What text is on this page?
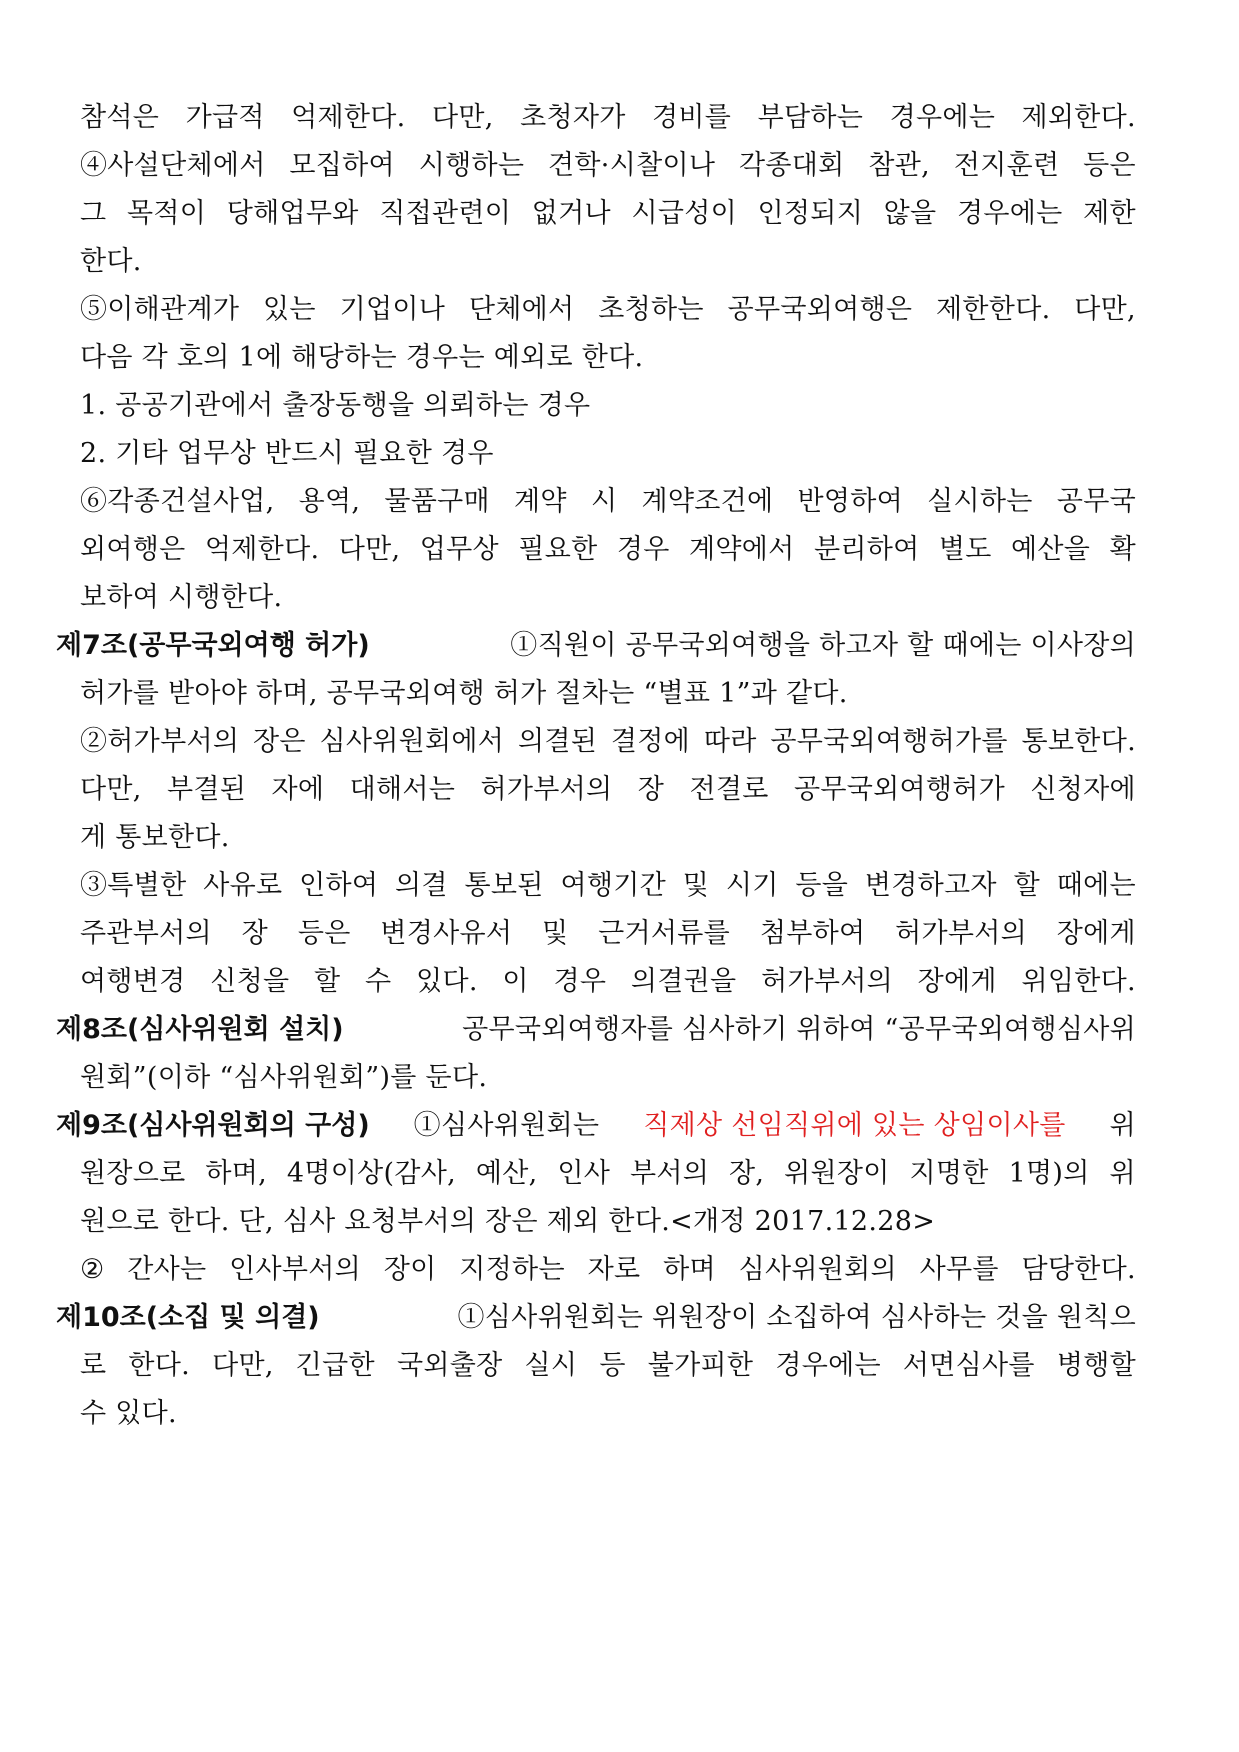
참석은 가급적 억제한다. 다만, 초청자가 경비를 부담하는 경우에는 제외한다.
④사설단체에서 모집하여 시행하는 견학·시찰이나 각종대회 참관, 전지훈련 등은
그 목적이 당해업무와 직접관련이 없거나 시급성이 인정되지 않을 경우에는 제한
한다.
⑤이해관계가 있는 기업이나 단체에서 초청하는 공무국외여행은 제한한다. 다만,
다음 각 호의 1에 해당하는 경우는 예외로 한다.
1. 공공기관에서 출장동행을 의뢰하는 경우
2. 기타 업무상 반드시 필요한 경우
⑥각종건설사업, 용역, 물품구매 계약 시 계약조건에 반영하여 실시하는 공무국
외여행은 억제한다. 다만, 업무상 필요한 경우 계약에서 분리하여 별도 예산을 확
보하여 시행한다.
제7조(공무국외여행 허가)	①직원이 공무국외여행을 하고자 할 때에는 이사장의
허가를 받아야 하며, 공무국외여행 허가 절차는 “별표 1”과 같다.
②허가부서의 장은 심사위원회에서 의결된 결정에 따라 공무국외여행허가를 통보한다.
다만, 부결된 자에 대해서는 허가부서의 장 전결로 공무국외여행허가 신청자에
게 통보한다.
③특별한 사유로 인하여 의결 통보된 여행기간 및 시기 등을 변경하고자 할 때에는
주관부서의 장 등은 변경사유서 및 근거서류를 첨부하여 허가부서의 장에게
여행변경 신청을 할 수 있다. 이 경우 의결권을 허가부서의 장에게 위임한다.
제8조(심사위원회 설치)	공무국외여행자를 심사하기 위하여 “공무국외여행심사위
원회”(이하 “심사위원회”)를 둔다.
제9조(심사위원회의 구성) ①심사위원회는 직제상 선임직위에 있는 상임이사를 위
원장으로 하며, 4명이상(감사, 예산, 인사 부서의 장, 위원장이 지명한 1명)의 위
원으로 한다. 단, 심사 요청부서의 장은 제외 한다.<개정 2017.12.28>
② 간사는 인사부서의 장이 지정하는 자로 하며 심사위원회의 사무를 담당한다.
제10조(소집 및 의결)	①심사위원회는 위원장이 소집하여 심사하는 것을 원칙으
로 한다. 다만, 긴급한 국외출장 실시 등 불가피한 경우에는 서면심사를 병행할
수 있다.
